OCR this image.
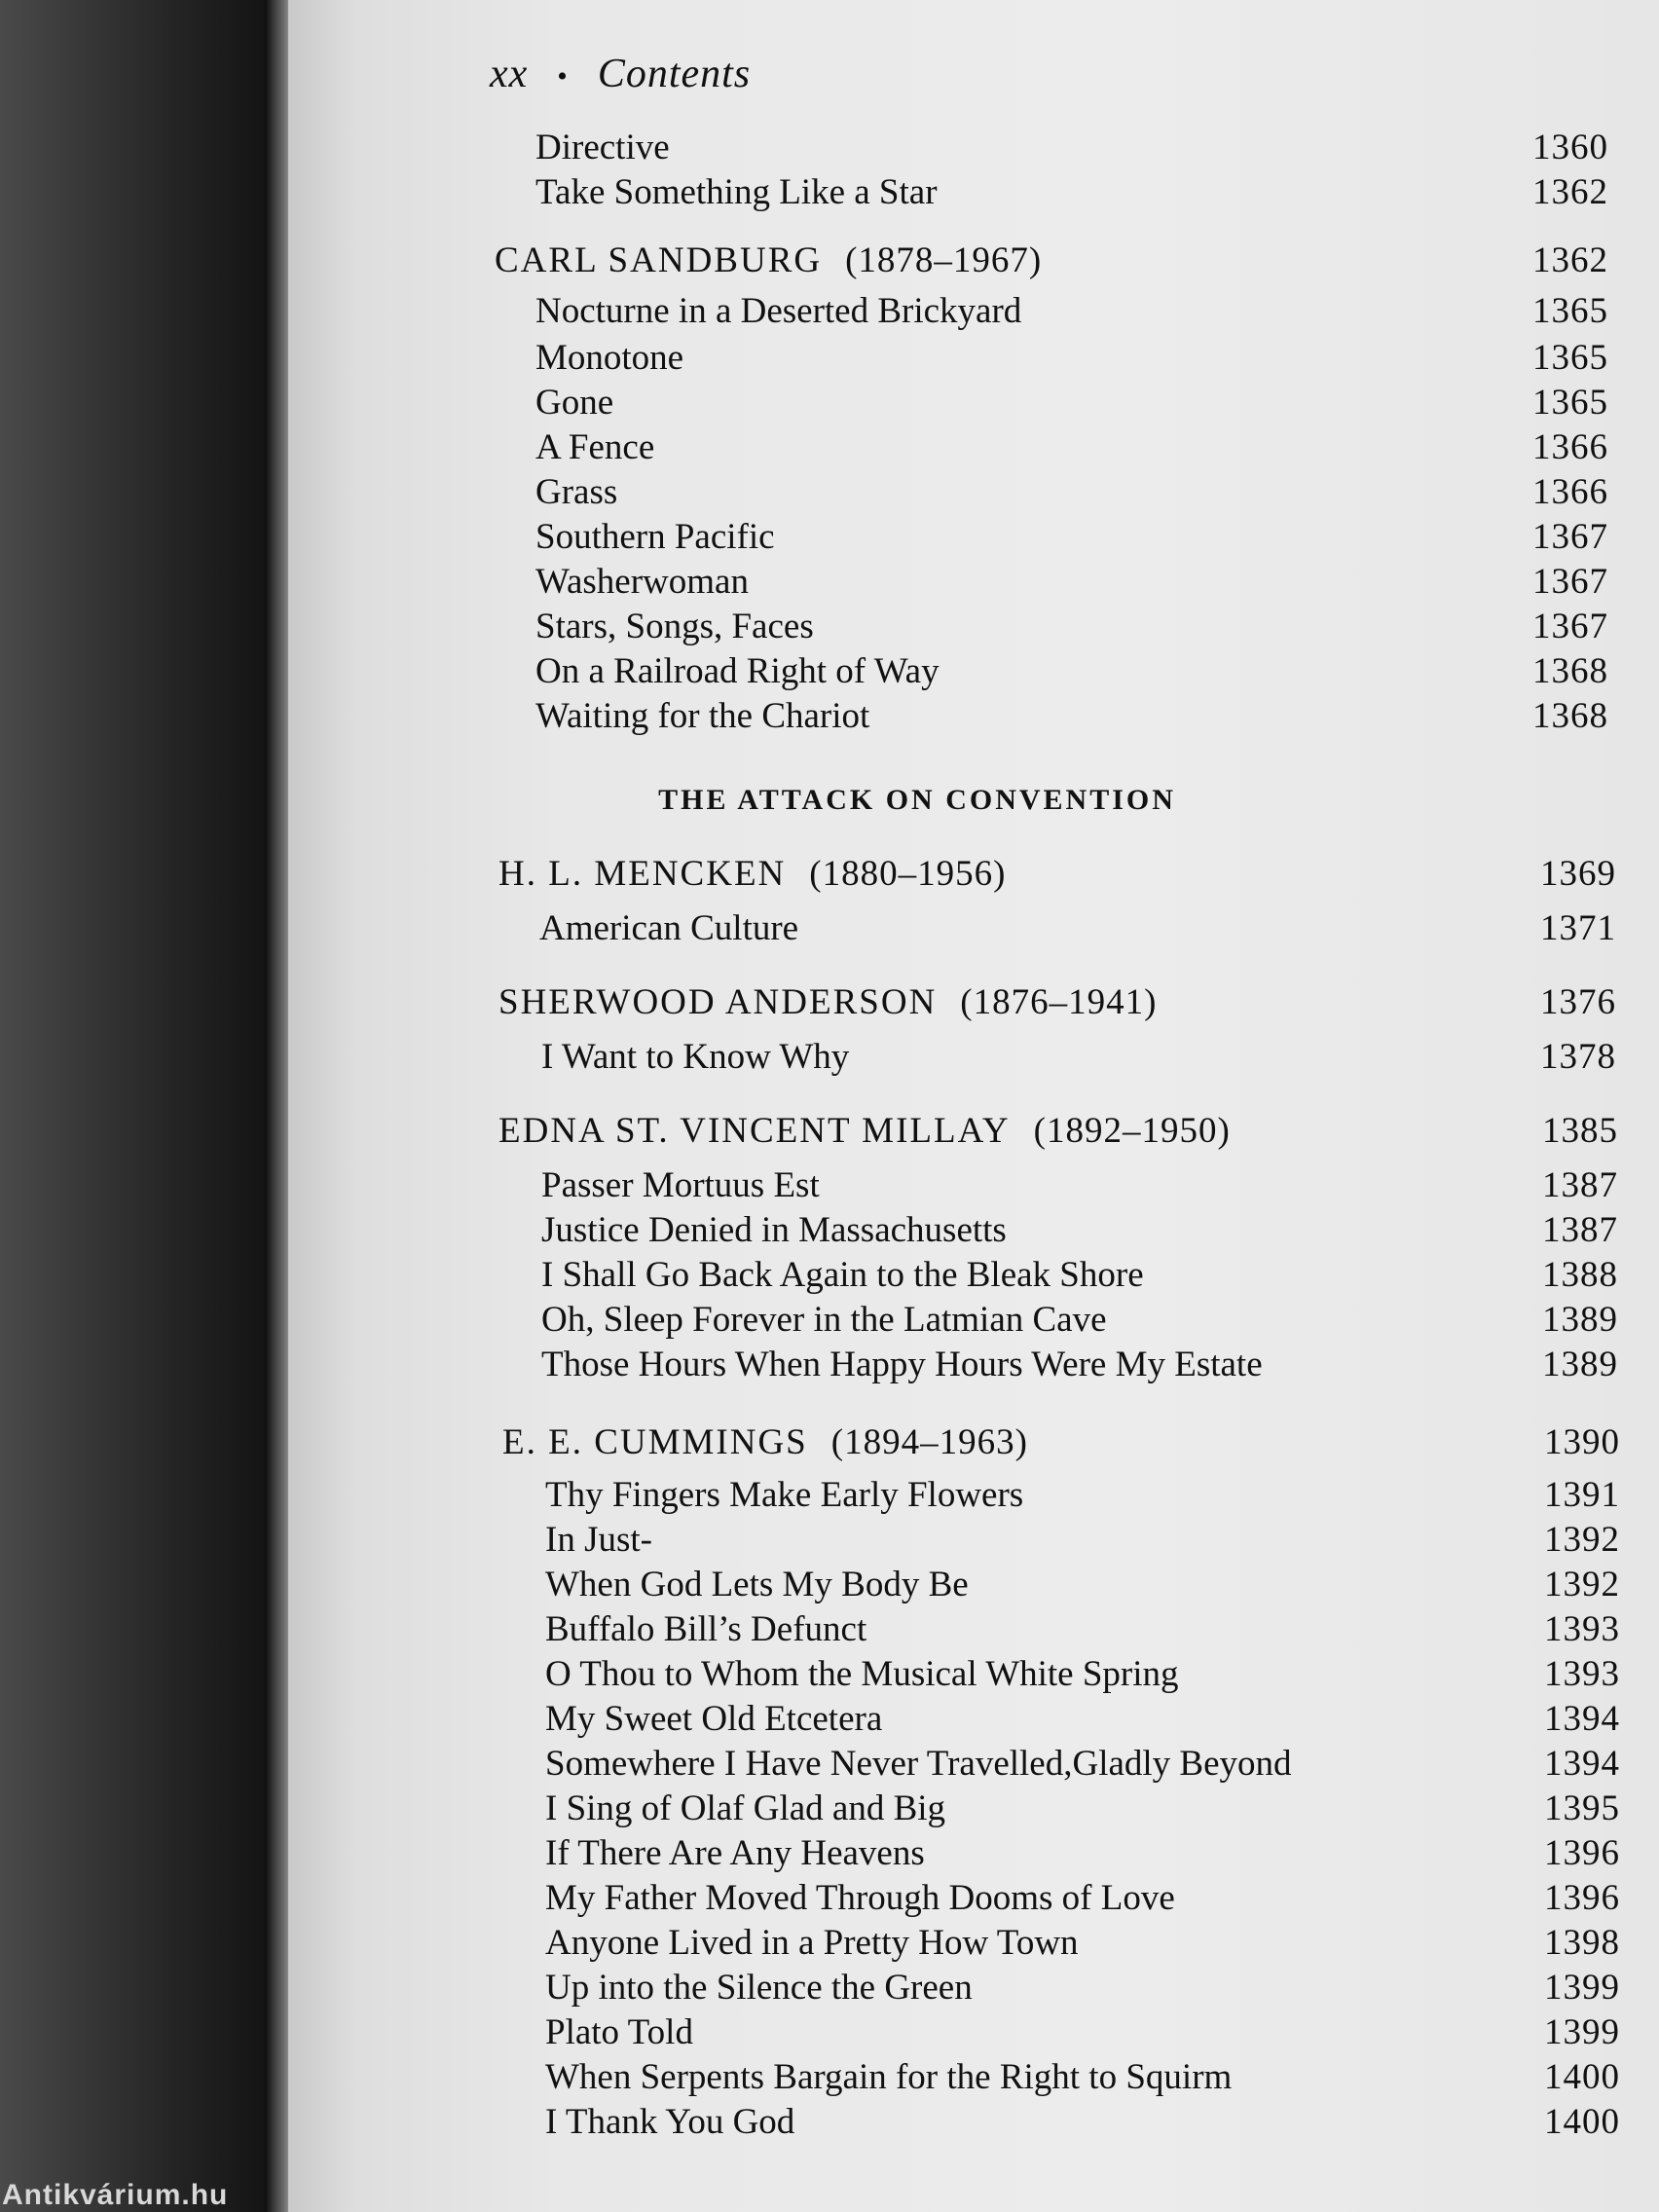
Antikvárium.hu
xx • Contents
Directive	1360
Take Something Like a Star	1362
CARL SANDBURG (1878–1967)	1362
Nocturne in a Deserted Brickyard	1365
Monotone	1365
Gone	1365
A Fence	1366
Grass	1366
Southern Pacific	1367
Washerwoman	1367
Stars, Songs, Faces	1367
On a Railroad Right of Way	1368
Waiting for the Chariot	1368
THE ATTACK ON CONVENTION
H. L. MENCKEN (1880–1956)	1369
American Culture	1371
SHERWOOD ANDERSON (1876–1941)	1376
I Want to Know Why	1378
EDNA ST. VINCENT MILLAY (1892–1950)	1385
Passer Mortuus Est	1387
Justice Denied in Massachusetts	1387
I Shall Go Back Again to the Bleak Shore	1388
Oh, Sleep Forever in the Latmian Cave	1389
Those Hours When Happy Hours Were My Estate	1389
E. E. CUMMINGS (1894–1963)	1390
Thy Fingers Make Early Flowers	1391
In Just-	1392
When God Lets My Body Be	1392
Buffalo Bill’s Defunct	1393
O Thou to Whom the Musical White Spring	1393
My Sweet Old Etcetera	1394
Somewhere I Have Never Travelled,Gladly Beyond	1394
I Sing of Olaf Glad and Big	1395
If There Are Any Heavens	1396
My Father Moved Through Dooms of Love	1396
Anyone Lived in a Pretty How Town	1398
Up into the Silence the Green	1399
Plato Told	1399
When Serpents Bargain for the Right to Squirm	1400
I Thank You God	1400
